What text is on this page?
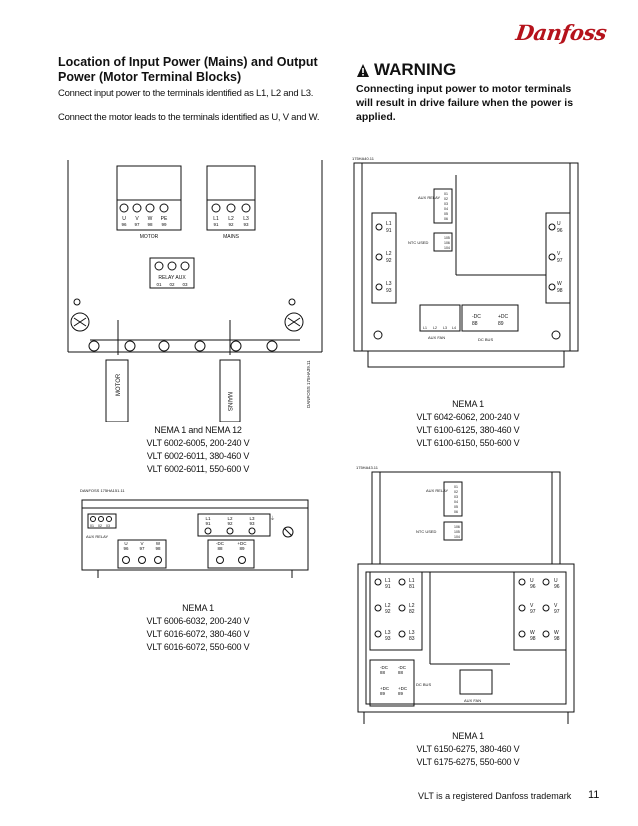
Danfoss
Location of Input Power (Mains) and Output Power (Motor Terminal Blocks)
Connect input power to the terminals identified as L1, L2 and L3.
Connect the motor leads to the terminals identified as U, V and W.
WARNING
Connecting input power to motor terminals will result in drive failure when the power is applied.
U V W PE
96 97 98 99
MOTOR
L1 L2 L3
91 92 93
MAINS
RELAY AUX
01 02 03
MOTOR
MAINS	DANFOSS 175HA39.11
NEMA 1 and NEMA 12
VLT 6002-6005, 200-240 V
VLT 6002-6011, 380-460 V
VLT 6002-6011, 550-600 V
175HA40.11
AUX RELAY
01
02
03
04
05
06
NTC USED
105
106
104
L1
91
L2
92
L3
93
U
96
V
97
W
98
L1 L2 L3 L4
AUX FAN
-DC
88
+DC
89
DC BUS
NEMA 1
VLT 6042-6062, 200-240 V
VLT 6100-6125, 380-460 V
VLT 6100-6150, 550-600 V
DANFOSS 175HA151.11
01 02 03
AUX RELAY
L1
91
L2
92
L3
93
⏚
U
96
V
97
W
98
-DC
88
+DC
89
NEMA 1
VLT 6006-6032, 200-240 V
VLT 6016-6072, 380-460 V
VLT 6016-6072, 550-600 V
175HA43.11
AUX RELAY
01
02
03
04
05
06
NTC USED
106
105
104
L1
91
L2
92
L3
93
L1
81
L2
82
L3
83
U
96
V
97
W
98
U
96
V
97
W
98
-DC
88
-DC
88
+DC
89
+DC
89
DC BUS
AUX FAN
NEMA 1
VLT 6150-6275, 380-460 V
VLT 6175-6275, 550-600 V
VLT is a registered Danfoss trademark 11
